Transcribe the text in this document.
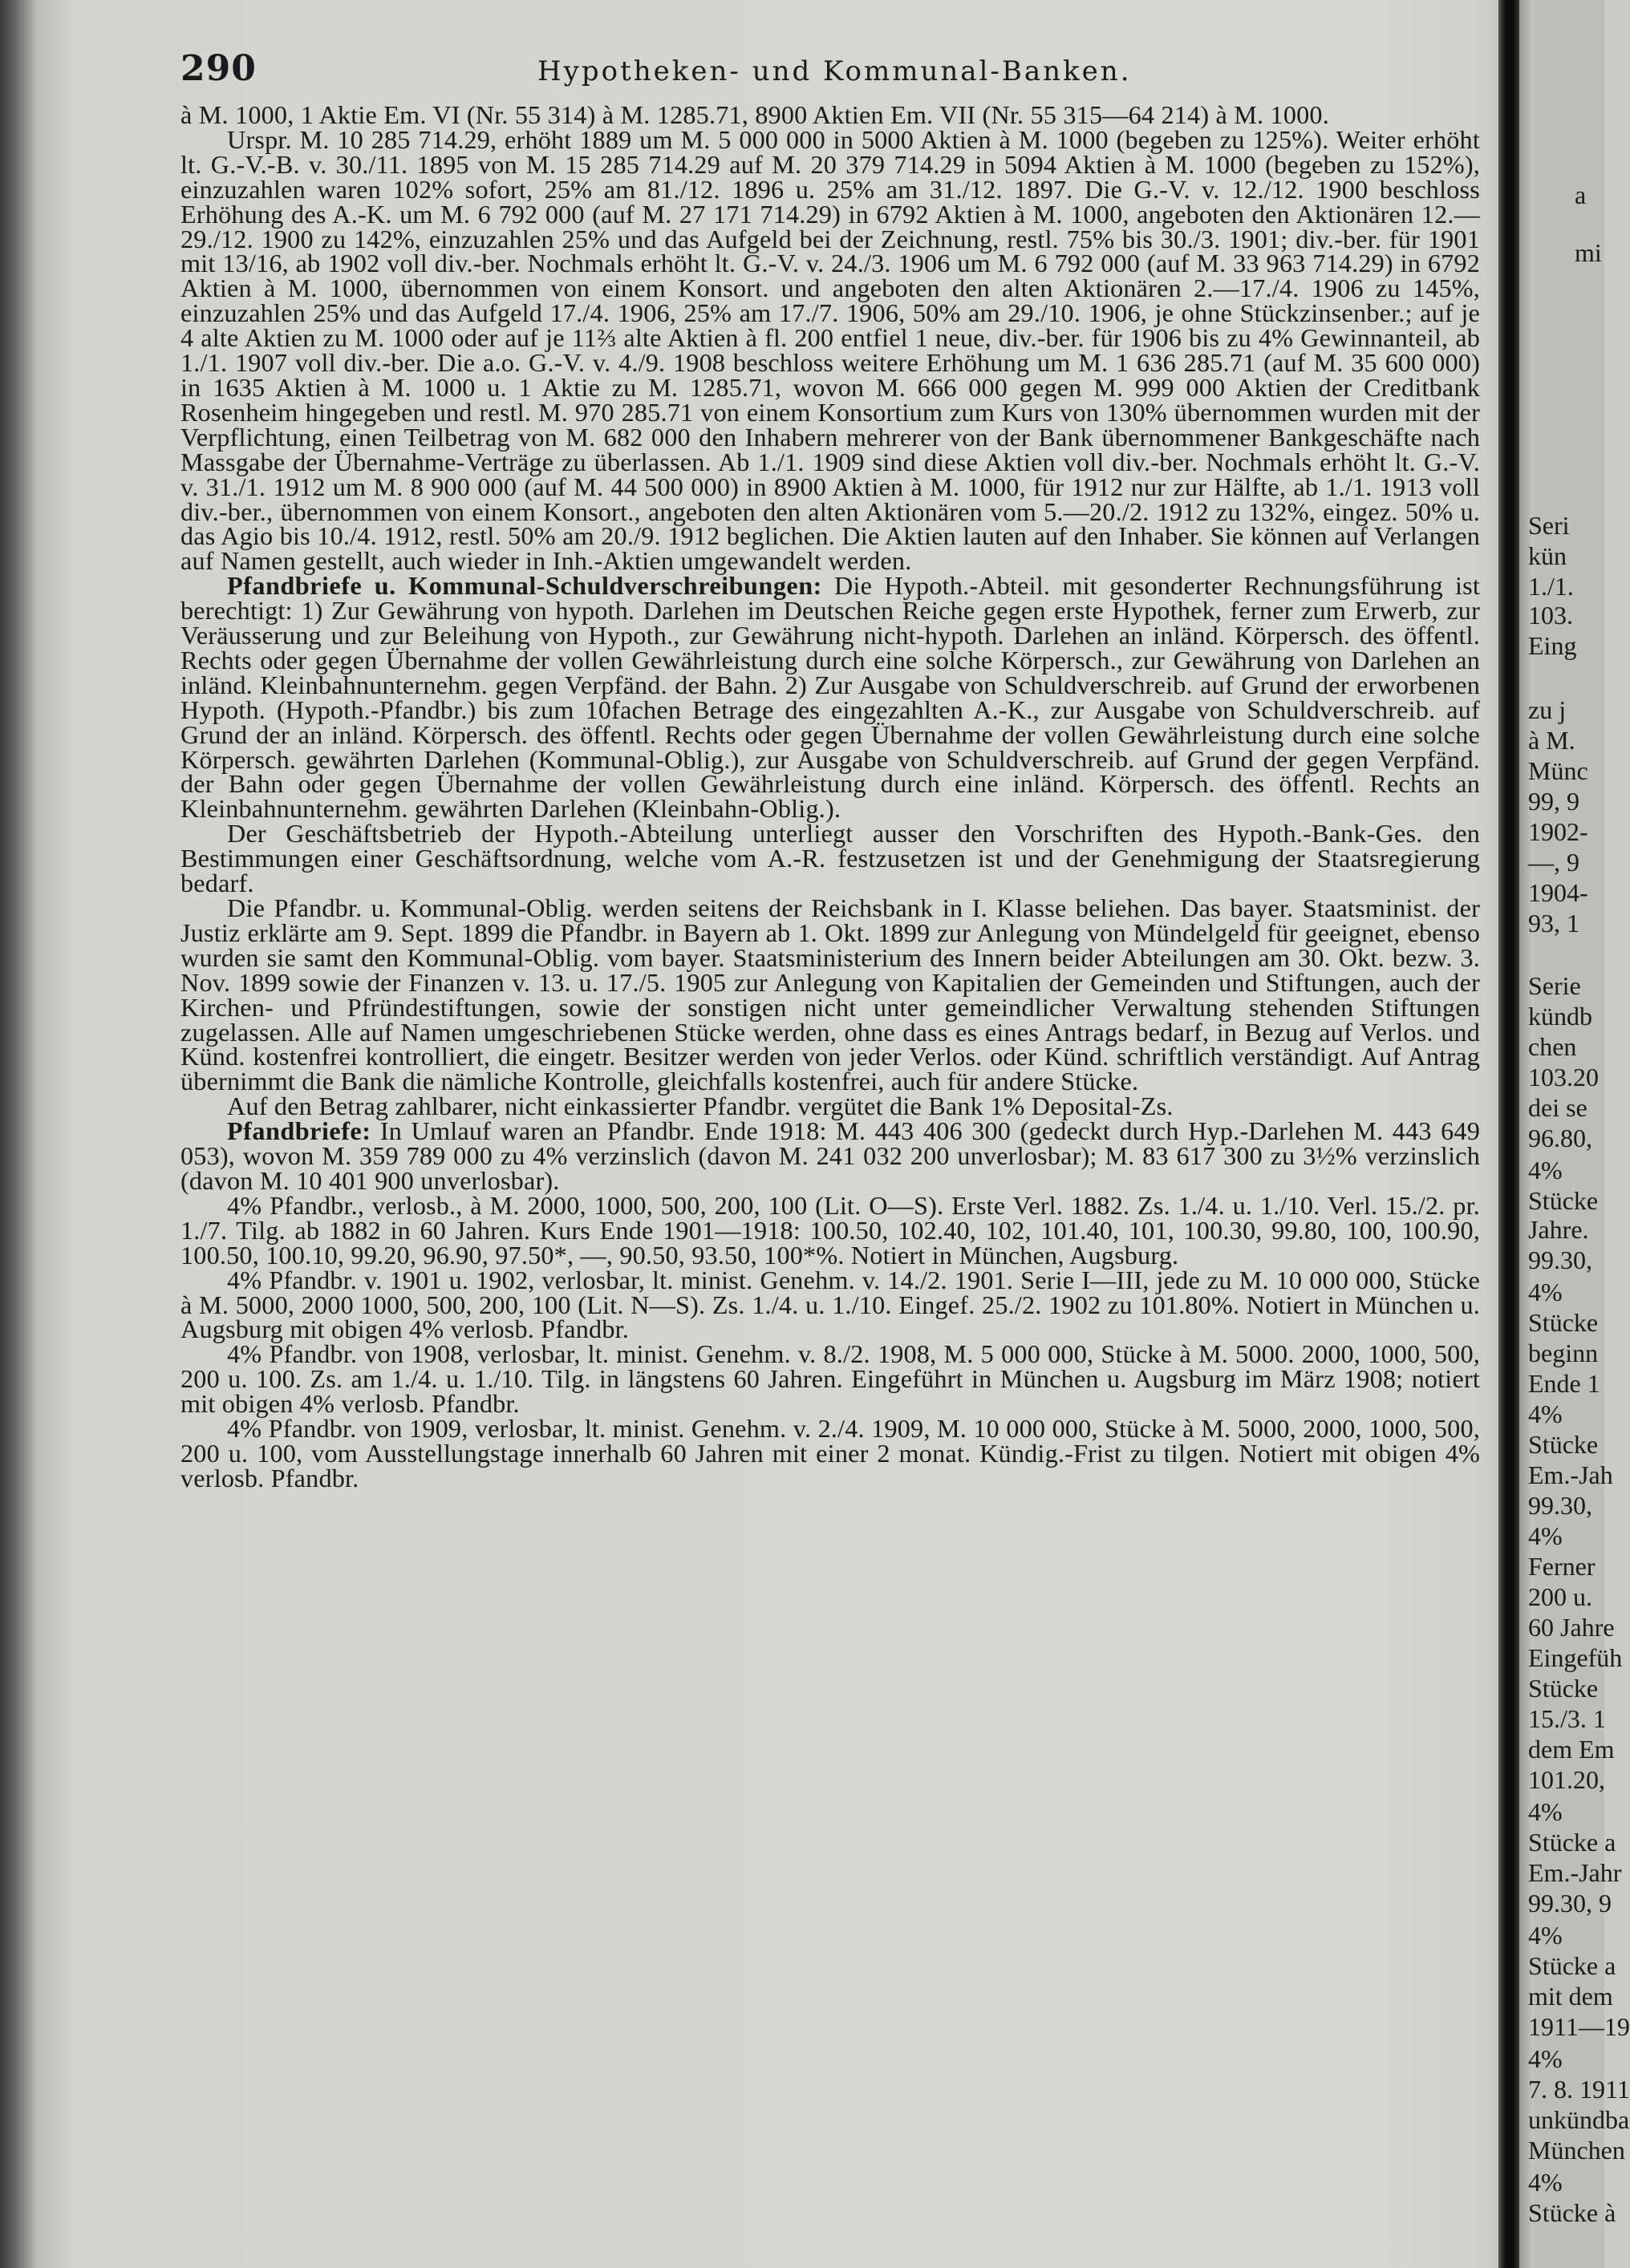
290	Hypotheken- und Kommunal-Banken.

à M. 1000, 1 Aktie Em. VI (Nr. 55 314) à M. 1285.71, 8900 Aktien Em. VII (Nr. 55 315—64 214) à M. 1000.

Urspr. M. 10 285 714.29, erhöht 1889 um M. 5 000 000 in 5000 Aktien à M. 1000 (begeben zu 125%). Weiter erhöht lt. G.-V.-B. v. 30./11. 1895 von M. 15 285 714.29 auf M. 20 379 714.29 in 5094 Aktien à M. 1000 (begeben zu 152%), einzuzahlen waren 102% sofort, 25% am 81./12. 1896 u. 25% am 31./12. 1897. Die G.-V. v. 12./12. 1900 beschloss Erhöhung des A.-K. um M. 6 792 000 (auf M. 27 171 714.29) in 6792 Aktien à M. 1000, angeboten den Aktionären 12.—29./12. 1900 zu 142%, einzuzahlen 25% und das Aufgeld bei der Zeichnung, restl. 75% bis 30./3. 1901; div.-ber. für 1901 mit 13/16, ab 1902 voll div.-ber. Nochmals erhöht lt. G.-V. v. 24./3. 1906 um M. 6 792 000 (auf M. 33 963 714.29) in 6792 Aktien à M. 1000, übernommen von einem Konsort. und angeboten den alten Aktionären 2.—17./4. 1906 zu 145%, einzuzahlen 25% und das Aufgeld 17./4. 1906, 25% am 17./7. 1906, 50% am 29./10. 1906, je ohne Stückzinsenber.; auf je 4 alte Aktien zu M. 1000 oder auf je 11⅔ alte Aktien à fl. 200 entfiel 1 neue, div.-ber. für 1906 bis zu 4% Gewinnanteil, ab 1./1. 1907 voll div.-ber. Die a.o. G.-V. v. 4./9. 1908 beschloss weitere Erhöhung um M. 1 636 285.71 (auf M. 35 600 000) in 1635 Aktien à M. 1000 u. 1 Aktie zu M. 1285.71, wovon M. 666 000 gegen M. 999 000 Aktien der Creditbank Rosenheim hingegeben und restl. M. 970 285.71 von einem Konsortium zum Kurs von 130% übernommen wurden mit der Verpflichtung, einen Teilbetrag von M. 682 000 den Inhabern mehrerer von der Bank übernommener Bankgeschäfte nach Massgabe der Übernahme-Verträge zu überlassen. Ab 1./1. 1909 sind diese Aktien voll div.-ber. Nochmals erhöht lt. G.-V. v. 31./1. 1912 um M. 8 900 000 (auf M. 44 500 000) in 8900 Aktien à M. 1000, für 1912 nur zur Hälfte, ab 1./1. 1913 voll div.-ber., übernommen von einem Konsort., angeboten den alten Aktionären vom 5.—20./2. 1912 zu 132%, eingez. 50% u. das Agio bis 10./4. 1912, restl. 50% am 20./9. 1912 beglichen. Die Aktien lauten auf den Inhaber. Sie können auf Verlangen auf Namen gestellt, auch wieder in Inh.-Aktien umgewandelt werden.

Pfandbriefe u. Kommunal-Schuldverschreibungen: Die Hypoth.-Abteil. mit gesonderter Rechnungsführung ist berechtigt: 1) Zur Gewährung von hypoth. Darlehen im Deutschen Reiche gegen erste Hypothek, ferner zum Erwerb, zur Veräusserung und zur Beleihung von Hypoth., zur Gewährung nicht-hypoth. Darlehen an inländ. Körpersch. des öffentl. Rechts oder gegen Übernahme der vollen Gewährleistung durch eine solche Körpersch., zur Gewährung von Darlehen an inländ. Kleinbahnunternehm. gegen Verpfänd. der Bahn. 2) Zur Ausgabe von Schuldverschreib. auf Grund der erworbenen Hypoth. (Hypoth.-Pfandbr.) bis zum 10fachen Betrage des eingezahlten A.-K., zur Ausgabe von Schuldverschreib. auf Grund der an inländ. Körpersch. des öffentl. Rechts oder gegen Übernahme der vollen Gewährleistung durch eine solche Körpersch. gewährten Darlehen (Kommunal-Oblig.), zur Ausgabe von Schuldverschreib. auf Grund der gegen Verpfänd. der Bahn oder gegen Übernahme der vollen Gewährleistung durch eine inländ. Körpersch. des öffentl. Rechts an Kleinbahnunternehm. gewährten Darlehen (Kleinbahn-Oblig.).

Der Geschäftsbetrieb der Hypoth.-Abteilung unterliegt ausser den Vorschriften des Hypoth.-Bank-Ges. den Bestimmungen einer Geschäftsordnung, welche vom A.-R. festzusetzen ist und der Genehmigung der Staatsregierung bedarf.

Die Pfandbr. u. Kommunal-Oblig. werden seitens der Reichsbank in I. Klasse beliehen. Das bayer. Staatsminist. der Justiz erklärte am 9. Sept. 1899 die Pfandbr. in Bayern ab 1. Okt. 1899 zur Anlegung von Mündelgeld für geeignet, ebenso wurden sie samt den Kommunal-Oblig. vom bayer. Staatsministerium des Innern beider Abteilungen am 30. Okt. bezw. 3. Nov. 1899 sowie der Finanzen v. 13. u. 17./5. 1905 zur Anlegung von Kapitalien der Gemeinden und Stiftungen, auch der Kirchen- und Pfründestiftungen, sowie der sonstigen nicht unter gemeindlicher Verwaltung stehenden Stiftungen zugelassen. Alle auf Namen umgeschriebenen Stücke werden, ohne dass es eines Antrags bedarf, in Bezug auf Verlos. und Künd. kostenfrei kontrolliert, die eingetr. Besitzer werden von jeder Verlos. oder Künd. schriftlich verständigt. Auf Antrag übernimmt die Bank die nämliche Kontrolle, gleichfalls kostenfrei, auch für andere Stücke.

Auf den Betrag zahlbarer, nicht einkassierter Pfandbr. vergütet die Bank 1% Deposital-Zs.

Pfandbriefe: In Umlauf waren an Pfandbr. Ende 1918: M. 443 406 300 (gedeckt durch Hyp.-Darlehen M. 443 649 053), wovon M. 359 789 000 zu 4% verzinslich (davon M. 241 032 200 unverlosbar); M. 83 617 300 zu 3½% verzinslich (davon M. 10 401 900 unverlosbar).

4% Pfandbr., verlosb., à M. 2000, 1000, 500, 200, 100 (Lit. O—S). Erste Verl. 1882. Zs. 1./4. u. 1./10. Verl. 15./2. pr. 1./7. Tilg. ab 1882 in 60 Jahren. Kurs Ende 1901—1918: 100.50, 102.40, 102, 101.40, 101, 100.30, 99.80, 100, 100.90, 100.50, 100.10, 99.20, 96.90, 97.50*, —, 90.50, 93.50, 100*%. Notiert in München, Augsburg.

4% Pfandbr. v. 1901 u. 1902, verlosbar, lt. minist. Genehm. v. 14./2. 1901. Serie I—III, jede zu M. 10 000 000, Stücke à M. 5000, 2000 1000, 500, 200, 100 (Lit. N—S). Zs. 1./4. u. 1./10. Eingef. 25./2. 1902 zu 101.80%. Notiert in München u. Augsburg mit obigen 4% verlosb. Pfandbr.

4% Pfandbr. von 1908, verlosbar, lt. minist. Genehm. v. 8./2. 1908, M. 5 000 000, Stücke à M. 5000. 2000, 1000, 500, 200 u. 100. Zs. am 1./4. u. 1./10. Tilg. in längstens 60 Jahren. Eingeführt in München u. Augsburg im März 1908; notiert mit obigen 4% verlosb. Pfandbr.

4% Pfandbr. von 1909, verlosbar, lt. minist. Genehm. v. 2./4. 1909, M. 10 000 000, Stücke à M. 5000, 2000, 1000, 500, 200 u. 100, vom Ausstellungstage innerhalb 60 Jahren mit einer 2 monat. Kündig.-Frist zu tilgen. Notiert mit obigen 4% verlosb. Pfandbr.

a
mi
Seri
kün
1./1.
103.
Eing
zu j
à M.
Münc
99, 9
1902-
—, 9
1904-
93, 1
Serie
kündb
chen
103.20
dei se
96.80,
4%
Stücke
Jahre.
99.30,
4%
Stücke
beginn
Ende 1
4%
Stücke
Em.-Jah
99.30,
4%
Ferner
200 u.
60 Jahre
Eingefüh
Stücke
15./3. 1
dem Em
101.20,
4%
Stücke a
Em.-Jahr
99.30, 9
4%
Stücke a
mit dem
1911—19
4%
7. 8. 1911
unkündba
München
4%
Stücke à
